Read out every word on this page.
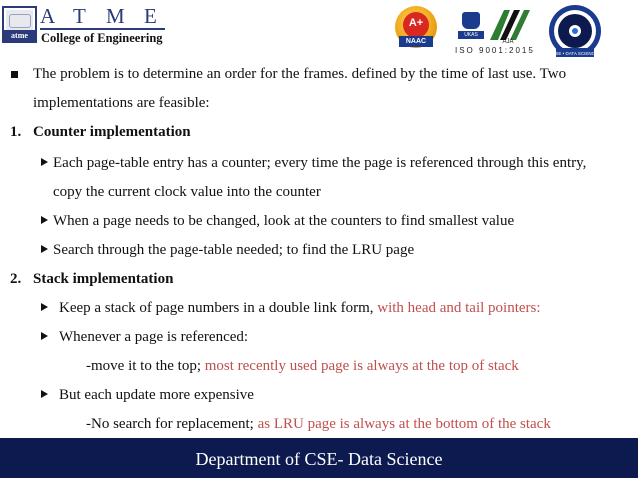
atme
A T M E
College of Engineering
A+
NAAC
UKAS
AJA
ISO 9001:2015	CSE • DATA SCIENCE
The problem is to determine an order for the frames. defined by the time of last use. Two
implementations are feasible:
1. Counter implementation
Each page-table entry has a counter; every time the page is referenced through this entry,
copy the current clock value into the counter
When a page needs to be changed, look at the counters to find smallest value
Search through the page-table needed; to find the LRU page
2. Stack implementation
Keep a stack of page numbers in a double link form, with head and tail pointers:
Whenever a page is referenced:
-move it to the top; most recently used page is always at the top of stack
But each update more expensive
-No search for replacement; as LRU page is always at the bottom of the stack
Department of CSE- Data Science
